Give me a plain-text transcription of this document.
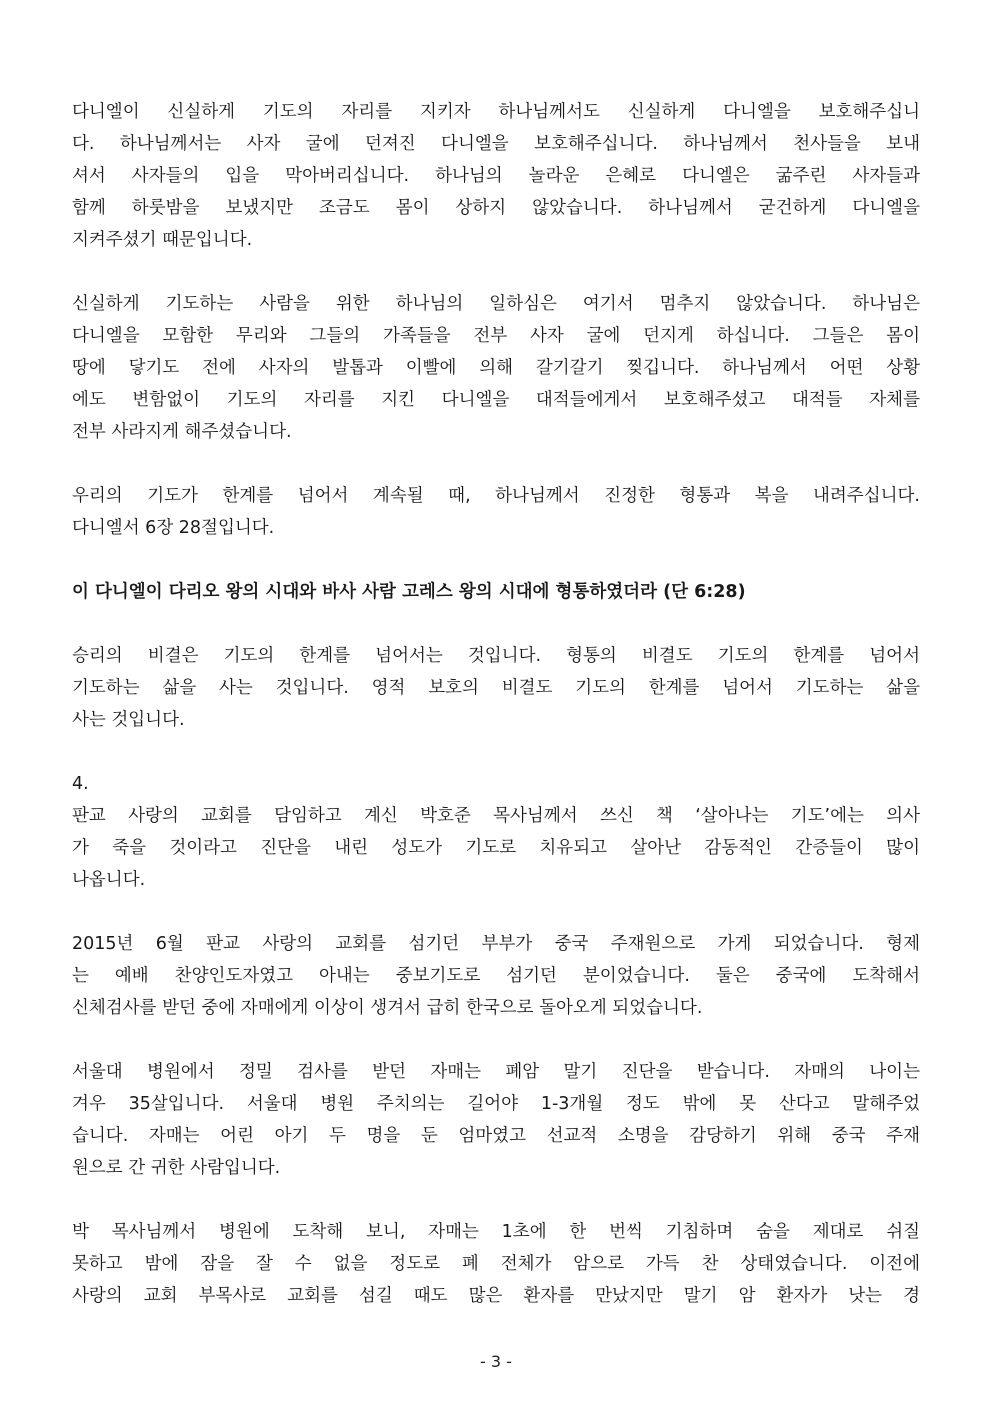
다니엘이 신실하게 기도의 자리를 지키자 하나님께서도 신실하게 다니엘을 보호해주십니
다. 하나님께서는 사자 굴에 던져진 다니엘을 보호해주십니다. 하나님께서 천사들을 보내
셔서 사자들의 입을 막아버리십니다. 하나님의 놀라운 은혜로 다니엘은 굶주린 사자들과
함께 하룻밤을 보냈지만 조금도 몸이 상하지 않았습니다. 하나님께서 굳건하게 다니엘을
지켜주셨기 때문입니다.
신실하게 기도하는 사람을 위한 하나님의 일하심은 여기서 멈추지 않았습니다. 하나님은
다니엘을 모함한 무리와 그들의 가족들을 전부 사자 굴에 던지게 하십니다. 그들은 몸이
땅에 닿기도 전에 사자의 발톱과 이빨에 의해 갈기갈기 찢깁니다. 하나님께서 어떤 상황
에도 변함없이 기도의 자리를 지킨 다니엘을 대적들에게서 보호해주셨고 대적들 자체를
전부 사라지게 해주셨습니다.
우리의 기도가 한계를 넘어서 계속될 때, 하나님께서 진정한 형통과 복을 내려주십니다.
다니엘서 6장 28절입니다.
이 다니엘이 다리오 왕의 시대와 바사 사람 고레스 왕의 시대에 형통하였더라 (단 6:28)
승리의 비결은 기도의 한계를 넘어서는 것입니다. 형통의 비결도 기도의 한계를 넘어서
기도하는 삶을 사는 것입니다. 영적 보호의 비결도 기도의 한계를 넘어서 기도하는 삶을
사는 것입니다.
4.
판교 사랑의 교회를 담임하고 계신 박호준 목사님께서 쓰신 책 ‘살아나는 기도’에는 의사
가 죽을 것이라고 진단을 내린 성도가 기도로 치유되고 살아난 감동적인 간증들이 많이
나옵니다.
2015년 6월 판교 사랑의 교회를 섬기던 부부가 중국 주재원으로 가게 되었습니다. 형제
는 예배 찬양인도자였고 아내는 중보기도로 섬기던 분이었습니다. 둘은 중국에 도착해서
신체검사를 받던 중에 자매에게 이상이 생겨서 급히 한국으로 돌아오게 되었습니다.
서울대 병원에서 정밀 검사를 받던 자매는 폐암 말기 진단을 받습니다. 자매의 나이는
겨우 35살입니다. 서울대 병원 주치의는 길어야 1-3개월 정도 밖에 못 산다고 말해주었
습니다. 자매는 어린 아기 두 명을 둔 엄마였고 선교적 소명을 감당하기 위해 중국 주재
원으로 간 귀한 사람입니다.
박 목사님께서 병원에 도착해 보니, 자매는 1초에 한 번씩 기침하며 숨을 제대로 쉬질
못하고 밤에 잠을 잘 수 없을 정도로 폐 전체가 암으로 가득 찬 상태였습니다. 이전에
사랑의 교회 부목사로 교회를 섬길 때도 많은 환자를 만났지만 말기 암 환자가 낫는 경
- 3 -
